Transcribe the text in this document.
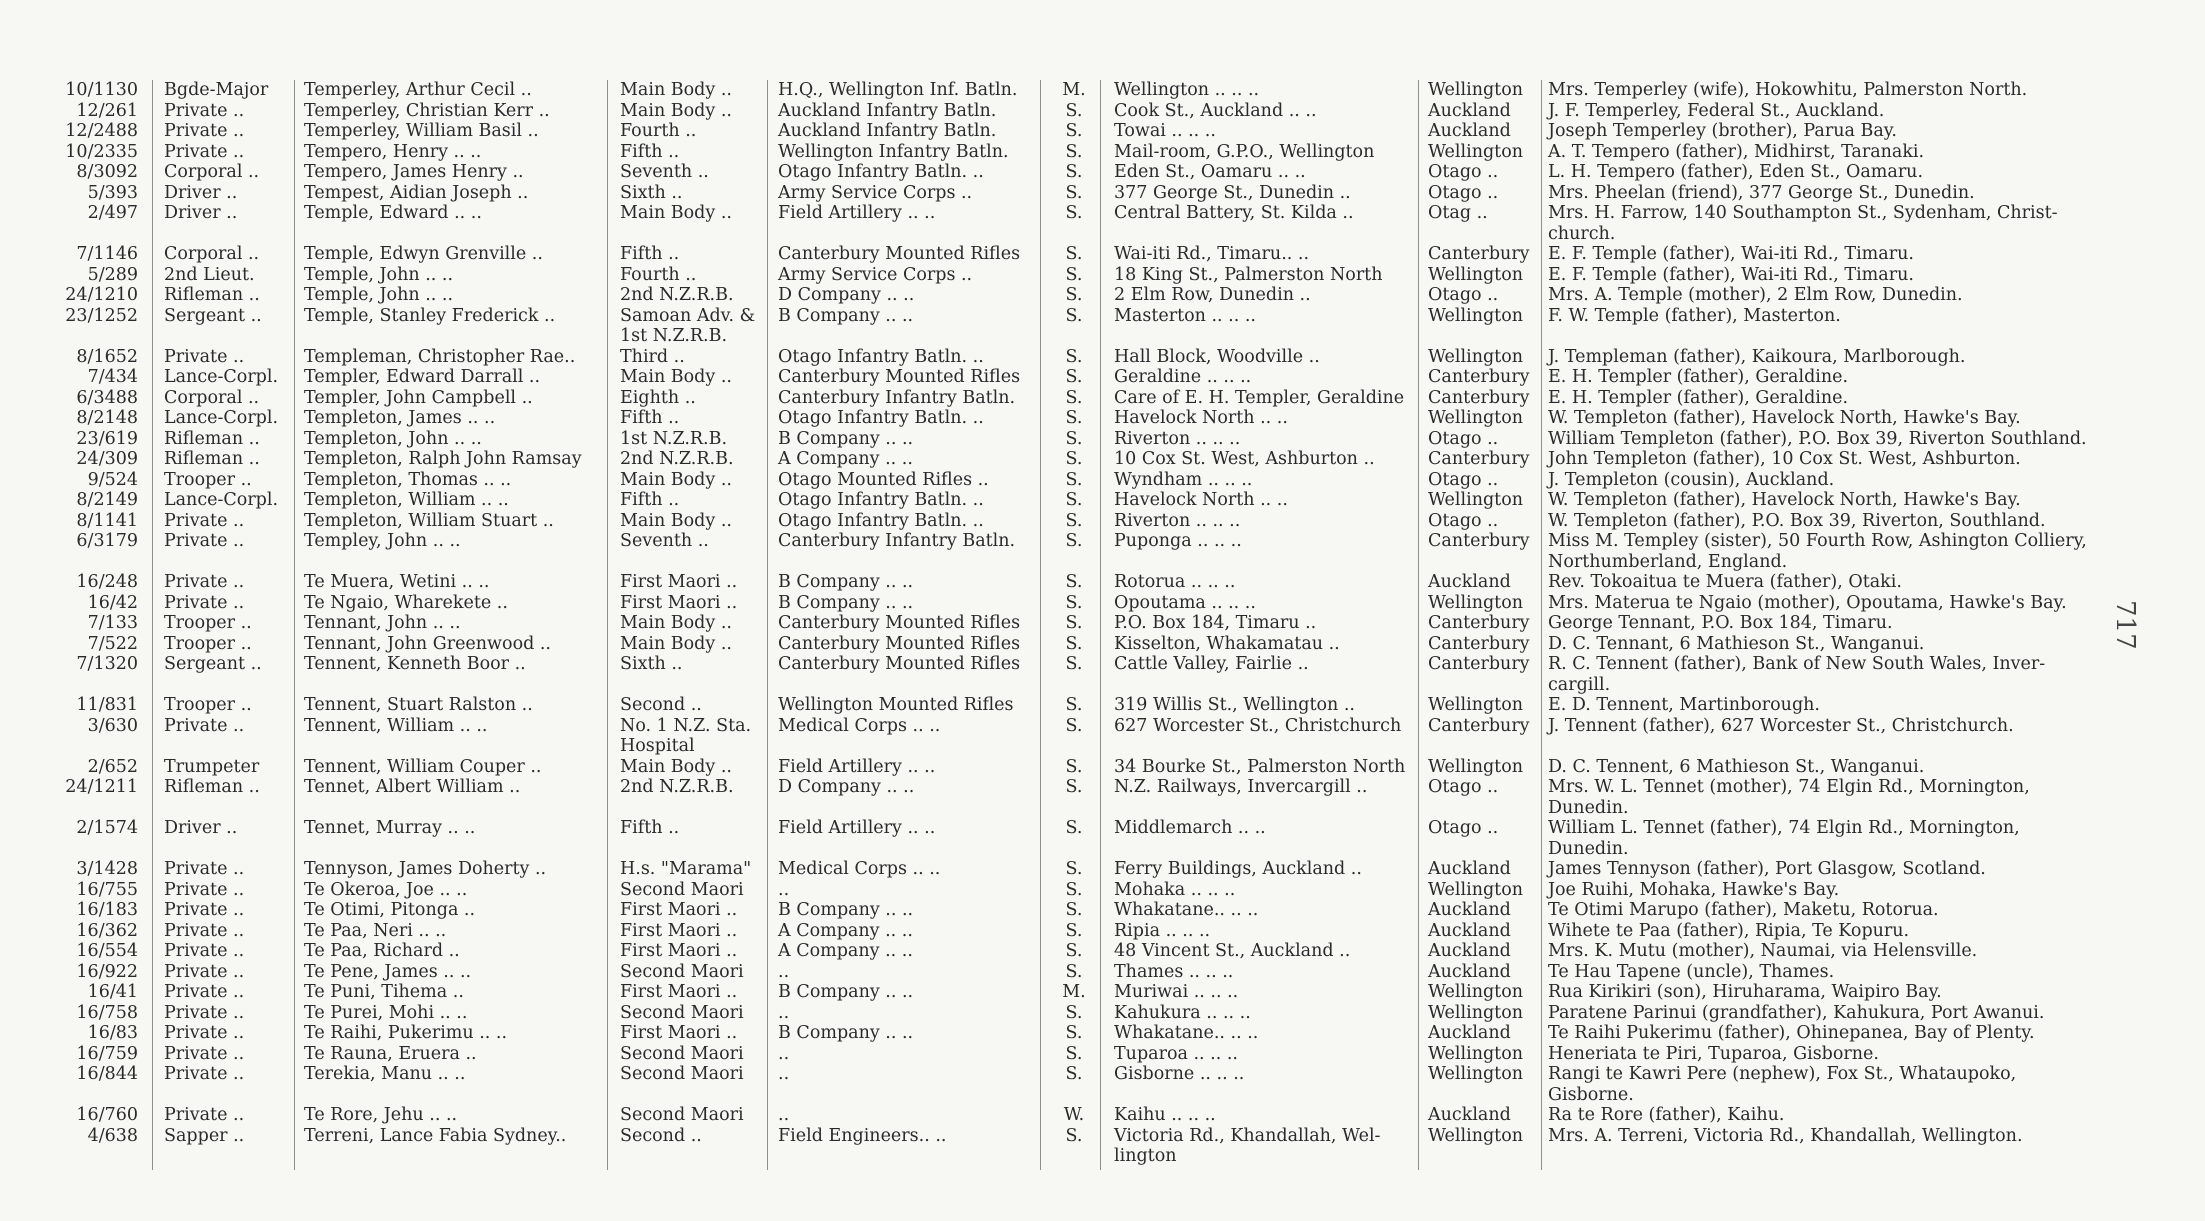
10/1130 Bgde-Major	Temperley, Arthur Cecil ..	Main Body ..	H.Q., Wellington Inf. Batln.	M.	Wellington .. .. ..	Wellington	Mrs. Temperley (wife), Hokowhitu, Palmerston North.
12/261 Private ..	Temperley, Christian Kerr ..	Main Body ..	Auckland Infantry Batln.	S.	Cook St., Auckland .. ..	Auckland	J. F. Temperley, Federal St., Auckland.
12/2488 Private ..	Temperley, William Basil ..	Fourth ..	Auckland Infantry Batln.	S.	Towai .. .. ..	Auckland	Joseph Temperley (brother), Parua Bay.
10/2335 Private ..	Tempero, Henry .. ..	Fifth ..	Wellington Infantry Batln.	S.	Mail-room, G.P.O., Wellington	Wellington	A. T. Tempero (father), Midhirst, Taranaki.
8/3092 Corporal ..	Tempero, James Henry ..	Seventh ..	Otago Infantry Batln. ..	S.	Eden St., Oamaru .. ..	Otago ..	L. H. Tempero (father), Eden St., Oamaru.
5/393 Driver ..	Tempest, Aidian Joseph ..	Sixth ..	Army Service Corps ..	S.	377 George St., Dunedin ..	Otago ..	Mrs. Pheelan (friend), 377 George St., Dunedin.
2/497 Driver ..	Temple, Edward .. ..	Main Body ..	Field Artillery .. ..	S.	Central Battery, St. Kilda ..	Otag ..	Mrs. H. Farrow, 140 Southampton St., Sydenham, Christ-
church.
7/1146 Corporal ..	Temple, Edwyn Grenville ..	Fifth ..	Canterbury Mounted Rifles	S.	Wai-iti Rd., Timaru.. ..	Canterbury	E. F. Temple (father), Wai-iti Rd., Timaru.
5/289 2nd Lieut.	Temple, John .. ..	Fourth ..	Army Service Corps ..	S.	18 King St., Palmerston North	Wellington	E. F. Temple (father), Wai-iti Rd., Timaru.
24/1210 Rifleman ..	Temple, John .. ..	2nd N.Z.R.B.	D Company .. ..	S.	2 Elm Row, Dunedin ..	Otago ..	Mrs. A. Temple (mother), 2 Elm Row, Dunedin.
23/1252 Sergeant ..	Temple, Stanley Frederick ..	Samoan Adv. &	B Company .. ..	S.	Masterton .. .. ..	Wellington	F. W. Temple (father), Masterton.
1st N.Z.R.B.
8/1652 Private ..	Templeman, Christopher Rae..	Third ..	Otago Infantry Batln. ..	S.	Hall Block, Woodville ..	Wellington	J. Templeman (father), Kaikoura, Marlborough.
7/434 Lance-Corpl.	Templer, Edward Darrall ..	Main Body ..	Canterbury Mounted Rifles	S.	Geraldine .. .. ..	Canterbury	E. H. Templer (father), Geraldine.
6/3488 Corporal ..	Templer, John Campbell ..	Eighth ..	Canterbury Infantry Batln.	S.	Care of E. H. Templer, Geraldine	Canterbury	E. H. Templer (father), Geraldine.
8/2148 Lance-Corpl.	Templeton, James .. ..	Fifth ..	Otago Infantry Batln. ..	S.	Havelock North .. ..	Wellington	W. Templeton (father), Havelock North, Hawke's Bay.
23/619 Rifleman ..	Templeton, John .. ..	1st N.Z.R.B.	B Company .. ..	S.	Riverton .. .. ..	Otago ..	William Templeton (father), P.O. Box 39, Riverton Southland.
24/309 Rifleman ..	Templeton, Ralph John Ramsay	2nd N.Z.R.B.	A Company .. ..	S.	10 Cox St. West, Ashburton ..	Canterbury	John Templeton (father), 10 Cox St. West, Ashburton.
9/524 Trooper ..	Templeton, Thomas .. ..	Main Body ..	Otago Mounted Rifles ..	S.	Wyndham .. .. ..	Otago ..	J. Templeton (cousin), Auckland.
8/2149 Lance-Corpl.	Templeton, William .. ..	Fifth ..	Otago Infantry Batln. ..	S.	Havelock North .. ..	Wellington	W. Templeton (father), Havelock North, Hawke's Bay.
8/1141 Private ..	Templeton, William Stuart ..	Main Body ..	Otago Infantry Batln. ..	S.	Riverton .. .. ..	Otago ..	W. Templeton (father), P.O. Box 39, Riverton, Southland.
6/3179 Private ..	Templey, John .. ..	Seventh ..	Canterbury Infantry Batln.	S.	Puponga .. .. ..	Canterbury	Miss M. Templey (sister), 50 Fourth Row, Ashington Colliery,
Northumberland, England.
16/248 Private ..	Te Muera, Wetini .. ..	First Maori ..	B Company .. ..	S.	Rotorua .. .. ..	Auckland	Rev. Tokoaitua te Muera (father), Otaki.
16/42 Private ..	Te Ngaio, Wharekete ..	First Maori ..	B Company .. ..	S.	Opoutama .. .. ..	Wellington	Mrs. Materua te Ngaio (mother), Opoutama, Hawke's Bay.
7/133 Trooper ..	Tennant, John .. ..	Main Body ..	Canterbury Mounted Rifles	S.	P.O. Box 184, Timaru ..	Canterbury	George Tennant, P.O. Box 184, Timaru.
7/522 Trooper ..	Tennant, John Greenwood ..	Main Body ..	Canterbury Mounted Rifles	S.	Kisselton, Whakamatau ..	Canterbury	D. C. Tennant, 6 Mathieson St., Wanganui.
7/1320 Sergeant ..	Tennent, Kenneth Boor ..	Sixth ..	Canterbury Mounted Rifles	S.	Cattle Valley, Fairlie ..	Canterbury	R. C. Tennent (father), Bank of New South Wales, Inver-
cargill.
11/831 Trooper ..	Tennent, Stuart Ralston ..	Second ..	Wellington Mounted Rifles	S.	319 Willis St., Wellington ..	Wellington	E. D. Tennent, Martinborough.
3/630 Private ..	Tennent, William .. ..	No. 1 N.Z. Sta.	Medical Corps .. ..	S.	627 Worcester St., Christchurch	Canterbury	J. Tennent (father), 627 Worcester St., Christchurch.
Hospital
2/652 Trumpeter	Tennent, William Couper ..	Main Body ..	Field Artillery .. ..	S.	34 Bourke St., Palmerston North	Wellington	D. C. Tennent, 6 Mathieson St., Wanganui.
24/1211 Rifleman ..	Tennet, Albert William ..	2nd N.Z.R.B.	D Company .. ..	S.	N.Z. Railways, Invercargill ..	Otago ..	Mrs. W. L. Tennet (mother), 74 Elgin Rd., Mornington,
Dunedin.
2/1574 Driver ..	Tennet, Murray .. ..	Fifth ..	Field Artillery .. ..	S.	Middlemarch .. ..	Otago ..	William L. Tennet (father), 74 Elgin Rd., Mornington,
Dunedin.
3/1428 Private ..	Tennyson, James Doherty ..	H.s. "Marama"	Medical Corps .. ..	S.	Ferry Buildings, Auckland ..	Auckland	James Tennyson (father), Port Glasgow, Scotland.
16/755 Private ..	Te Okeroa, Joe .. ..	Second Maori	..	S.	Mohaka .. .. ..	Wellington	Joe Ruihi, Mohaka, Hawke's Bay.
16/183 Private ..	Te Otimi, Pitonga ..	First Maori ..	B Company .. ..	S.	Whakatane.. .. ..	Auckland	Te Otimi Marupo (father), Maketu, Rotorua.
16/362 Private ..	Te Paa, Neri .. ..	First Maori ..	A Company .. ..	S.	Ripia .. .. ..	Auckland	Wihete te Paa (father), Ripia, Te Kopuru.
16/554 Private ..	Te Paa, Richard ..	First Maori ..	A Company .. ..	S.	48 Vincent St., Auckland ..	Auckland	Mrs. K. Mutu (mother), Naumai, via Helensville.
16/922 Private ..	Te Pene, James .. ..	Second Maori	..	S.	Thames .. .. ..	Auckland	Te Hau Tapene (uncle), Thames.
16/41 Private ..	Te Puni, Tihema ..	First Maori ..	B Company .. ..	M.	Muriwai .. .. ..	Wellington	Rua Kirikiri (son), Hiruharama, Waipiro Bay.
16/758 Private ..	Te Purei, Mohi .. ..	Second Maori	..	S.	Kahukura .. .. ..	Wellington	Paratene Parinui (grandfather), Kahukura, Port Awanui.
16/83 Private ..	Te Raihi, Pukerimu .. ..	First Maori ..	B Company .. ..	S.	Whakatane.. .. ..	Auckland	Te Raihi Pukerimu (father), Ohinepanea, Bay of Plenty.
16/759 Private ..	Te Rauna, Eruera ..	Second Maori	..	S.	Tuparoa .. .. ..	Wellington	Heneriata te Piri, Tuparoa, Gisborne.
16/844 Private ..	Terekia, Manu .. ..	Second Maori	..	S.	Gisborne .. .. ..	Wellington	Rangi te Kawri Pere (nephew), Fox St., Whataupoko,
Gisborne.
16/760 Private ..	Te Rore, Jehu .. ..	Second Maori	..	W.	Kaihu .. .. ..	Auckland	Ra te Rore (father), Kaihu.
4/638 Sapper ..	Terreni, Lance Fabia Sydney..	Second ..	Field Engineers.. ..	S.	Victoria Rd., Khandallah, Wel-	Wellington	Mrs. A. Terreni, Victoria Rd., Khandallah, Wellington.
lington
717
